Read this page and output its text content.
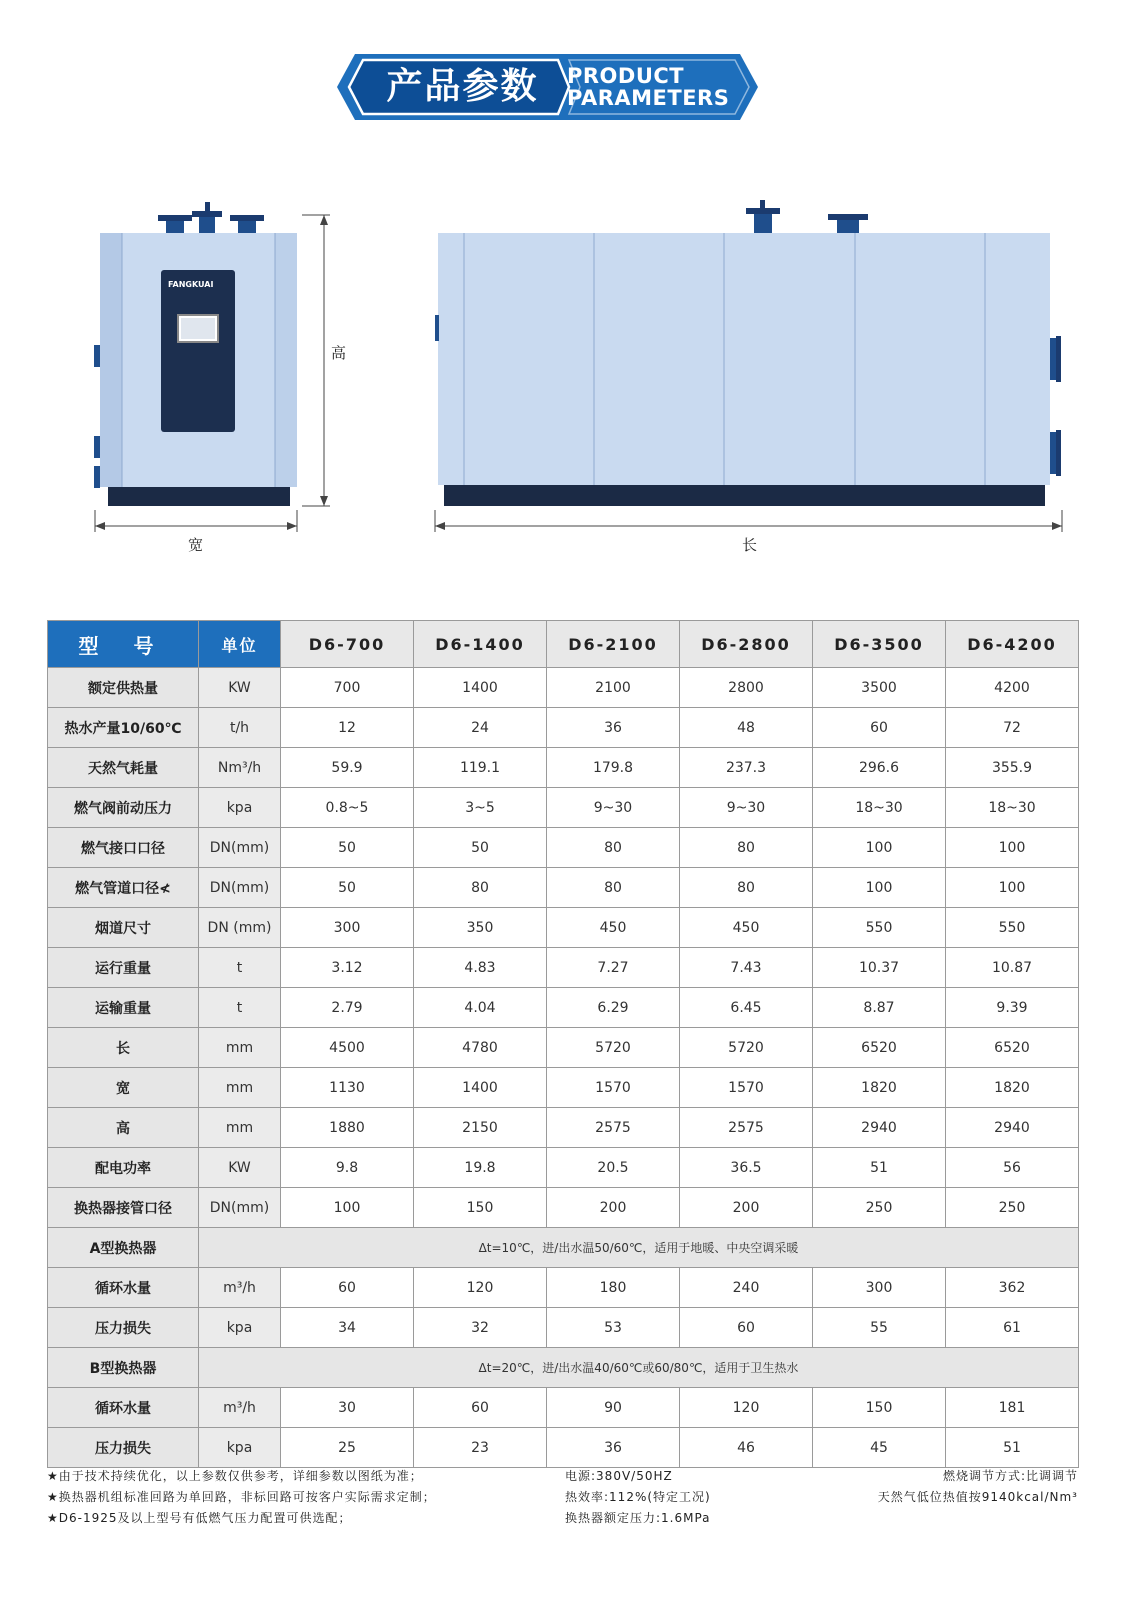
产品参数	PRODUCT
PARAMETERS
FANGKUAI
高
宽	长
型 号	单位	D6-700	D6-1400	D6-2100	D6-2800	D6-3500	D6-4200
额定供热量	KW	700	1400	2100	2800	3500	4200
热水产量10/60℃	t/h	12	24	36	48	60	72
天然气耗量	Nm³/h	59.9	119.1	179.8	237.3	296.6	355.9
燃气阀前动压力	kpa	0.8~5	3~5	9~30	9~30	18~30	18~30
燃气接口口径	DN(mm)	50	50	80	80	100	100
燃气管道口径≮	DN(mm)	50	80	80	80	100	100
烟道尺寸	DN (mm)	300	350	450	450	550	550
运行重量	t	3.12	4.83	7.27	7.43	10.37	10.87
运输重量	t	2.79	4.04	6.29	6.45	8.87	9.39
长	mm	4500	4780	5720	5720	6520	6520
宽	mm	1130	1400	1570	1570	1820	1820
高	mm	1880	2150	2575	2575	2940	2940
配电功率	KW	9.8	19.8	20.5	36.5	51	56
换热器接管口径	DN(mm)	100	150	200	200	250	250
A型换热器	Δt=10℃，进/出水温50/60℃，适用于地暖、中央空调采暖						
循环水量	m³/h	60	120	180	240	300	362
压力损失	kpa	34	32	53	60	55	61
B型换热器	Δt=20℃，进/出水温40/60℃或60/80℃，适用于卫生热水						
循环水量	m³/h	30	60	90	120	150	181
压力损失	kpa	25	23	36	46	45	51
★由于技术持续优化，以上参数仅供参考，详细参数以图纸为准；
★换热器机组标准回路为单回路，非标回路可按客户实际需求定制；
★D6-1925及以上型号有低燃气压力配置可供选配；
电源:380V/50HZ
热效率:112%(特定工况)
换热器额定压力:1.6MPa
燃烧调节方式:比调调节
天然气低位热值按9140kcal/Nm³
